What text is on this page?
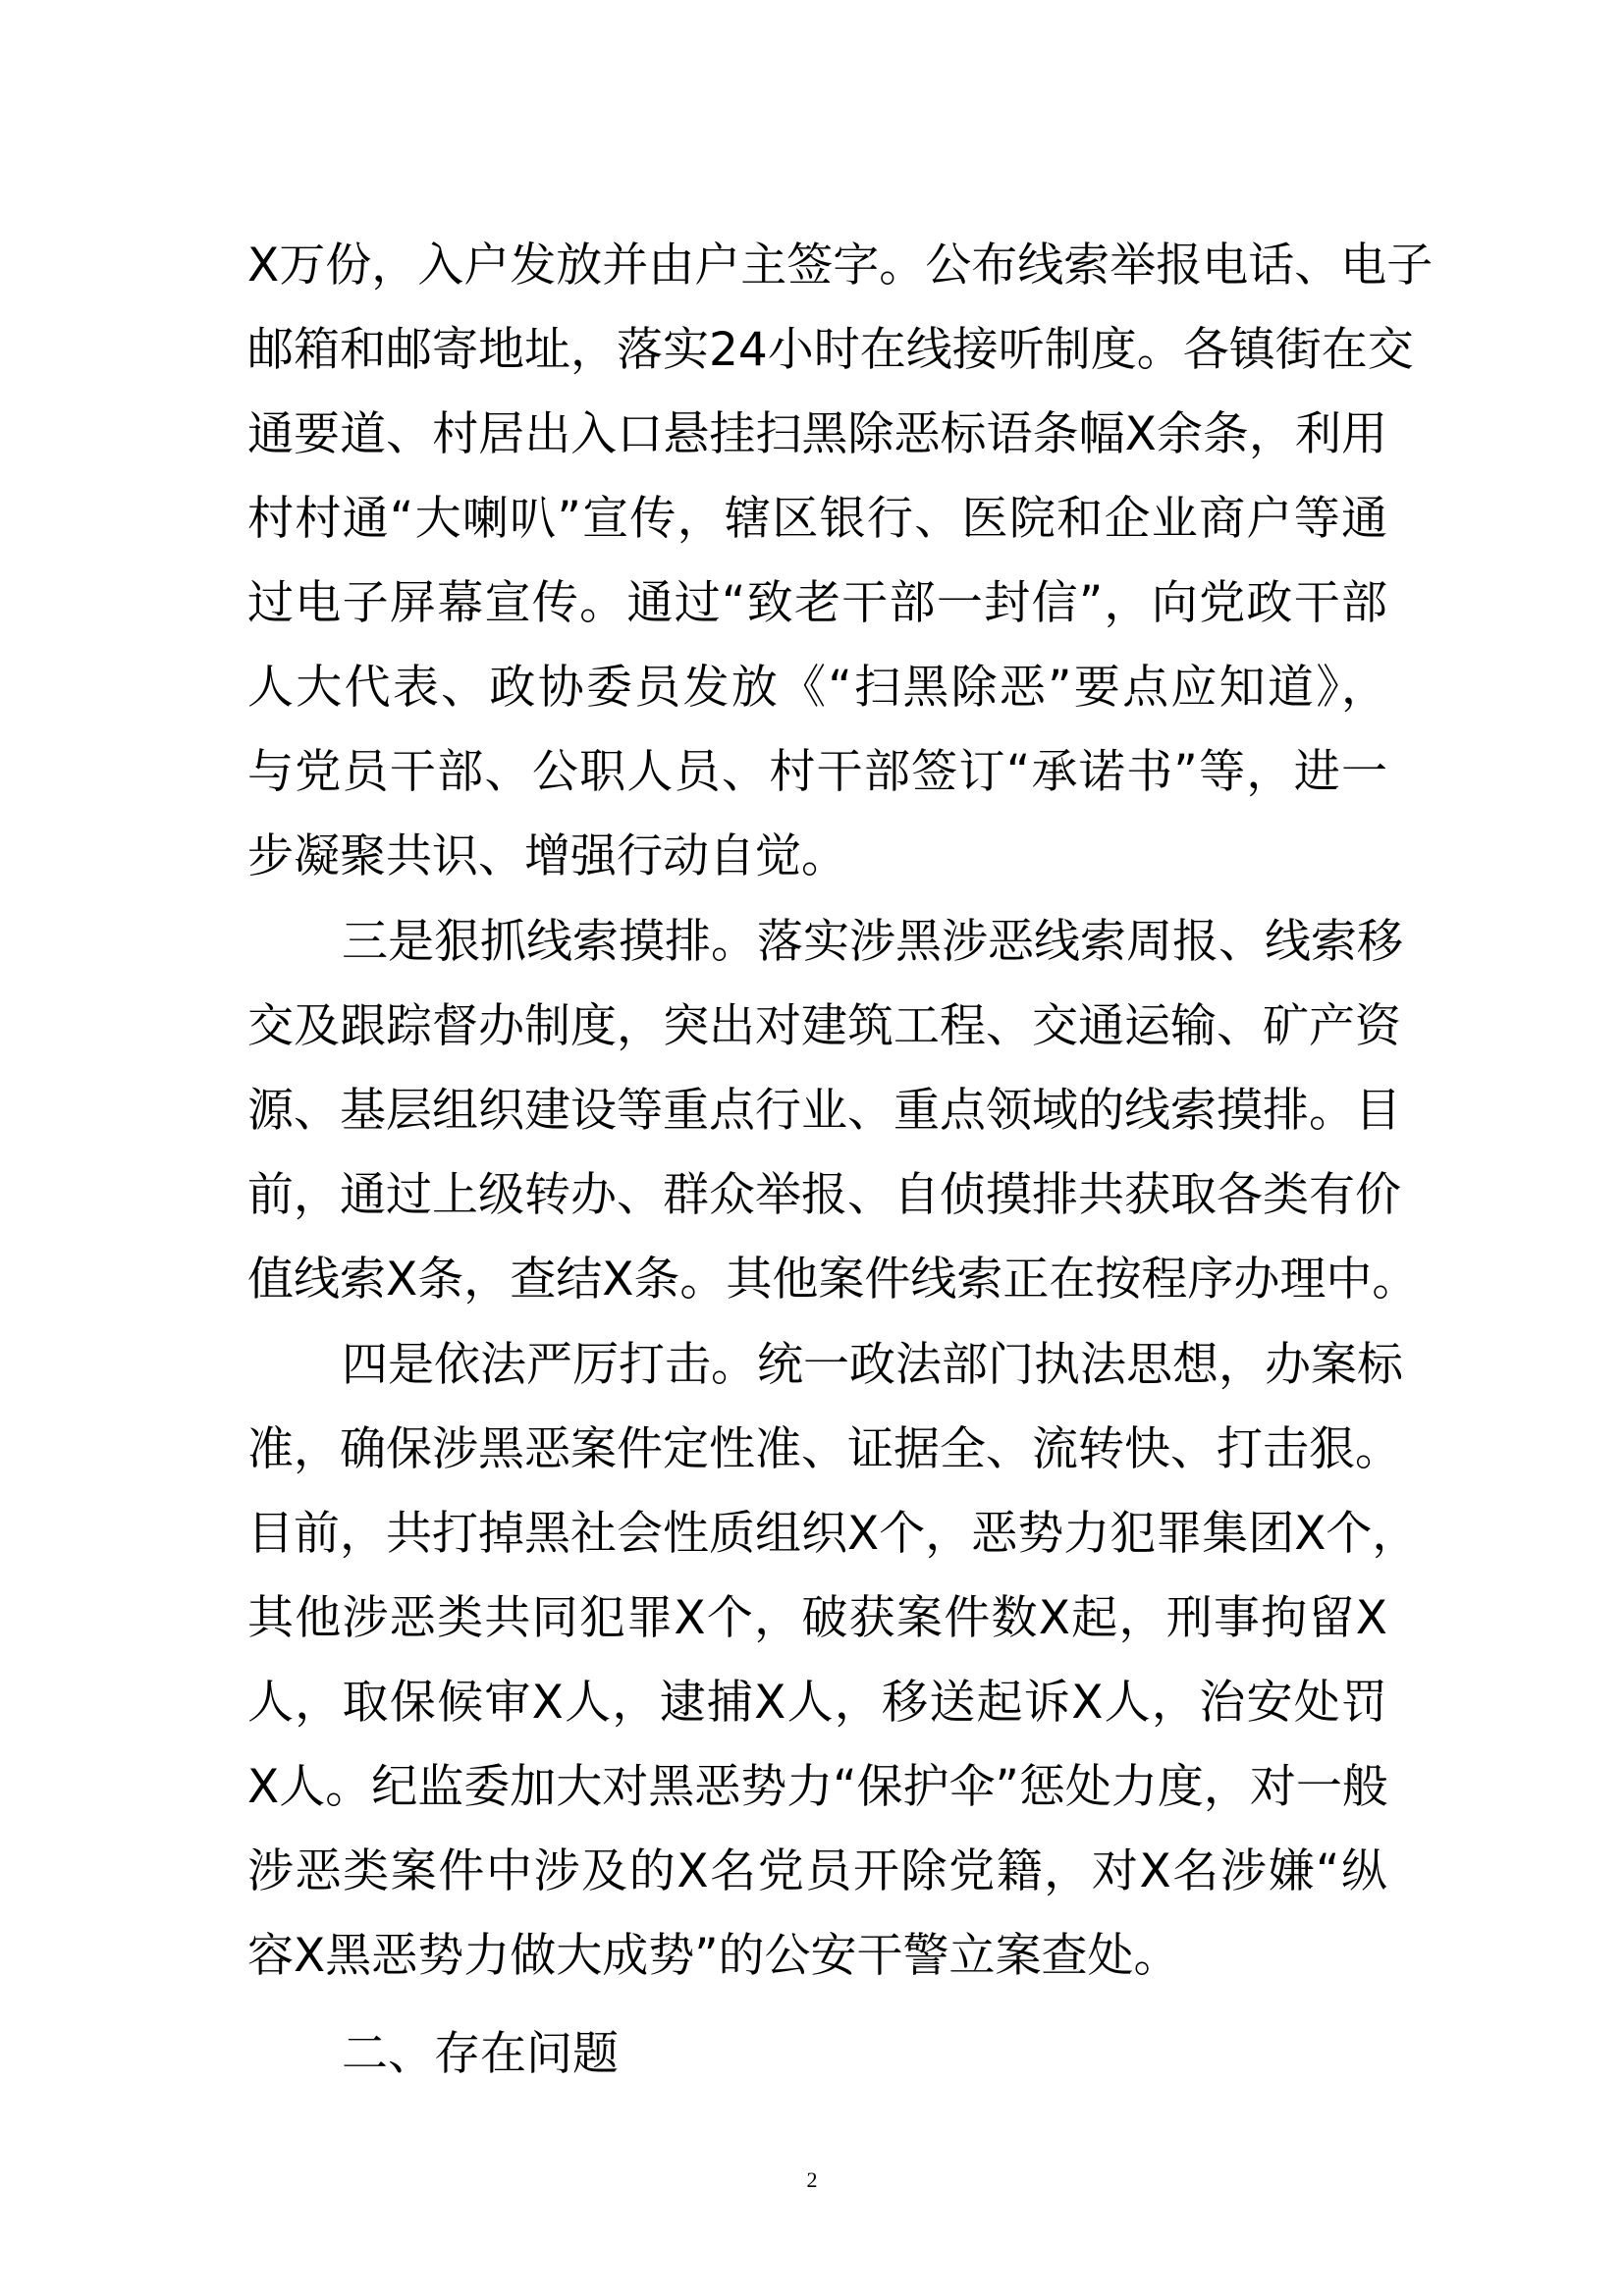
X万份，入户发放并由户主签字。公布线索举报电话、电子
邮箱和邮寄地址，落实24小时在线接听制度。各镇街在交
通要道、村居出入口悬挂扫黑除恶标语条幅X余条，利用
村村通“大喇叭”宣传，辖区银行、医院和企业商户等通
过电子屏幕宣传。通过“致老干部一封信”，向党政干部
人大代表、政协委员发放《“扫黑除恶”要点应知道》，
与党员干部、公职人员、村干部签订“承诺书”等，进一
步凝聚共识、增强行动自觉。
三是狠抓线索摸排。落实涉黑涉恶线索周报、线索移
交及跟踪督办制度，突出对建筑工程、交通运输、矿产资
源、基层组织建设等重点行业、重点领域的线索摸排。目
前，通过上级转办、群众举报、自侦摸排共获取各类有价
值线索X条，查结X条。其他案件线索正在按程序办理中。
四是依法严厉打击。统一政法部门执法思想，办案标
准，确保涉黑恶案件定性准、证据全、流转快、打击狠。
目前，共打掉黑社会性质组织X个，恶势力犯罪集团X个，
其他涉恶类共同犯罪X个，破获案件数X起，刑事拘留X
人，取保候审X人，逮捕X人，移送起诉X人，治安处罚
X人。纪监委加大对黑恶势力“保护伞”惩处力度，对一般
涉恶类案件中涉及的X名党员开除党籍，对X名涉嫌“纵
容X黑恶势力做大成势”的公安干警立案查处。
二、存在问题
2
